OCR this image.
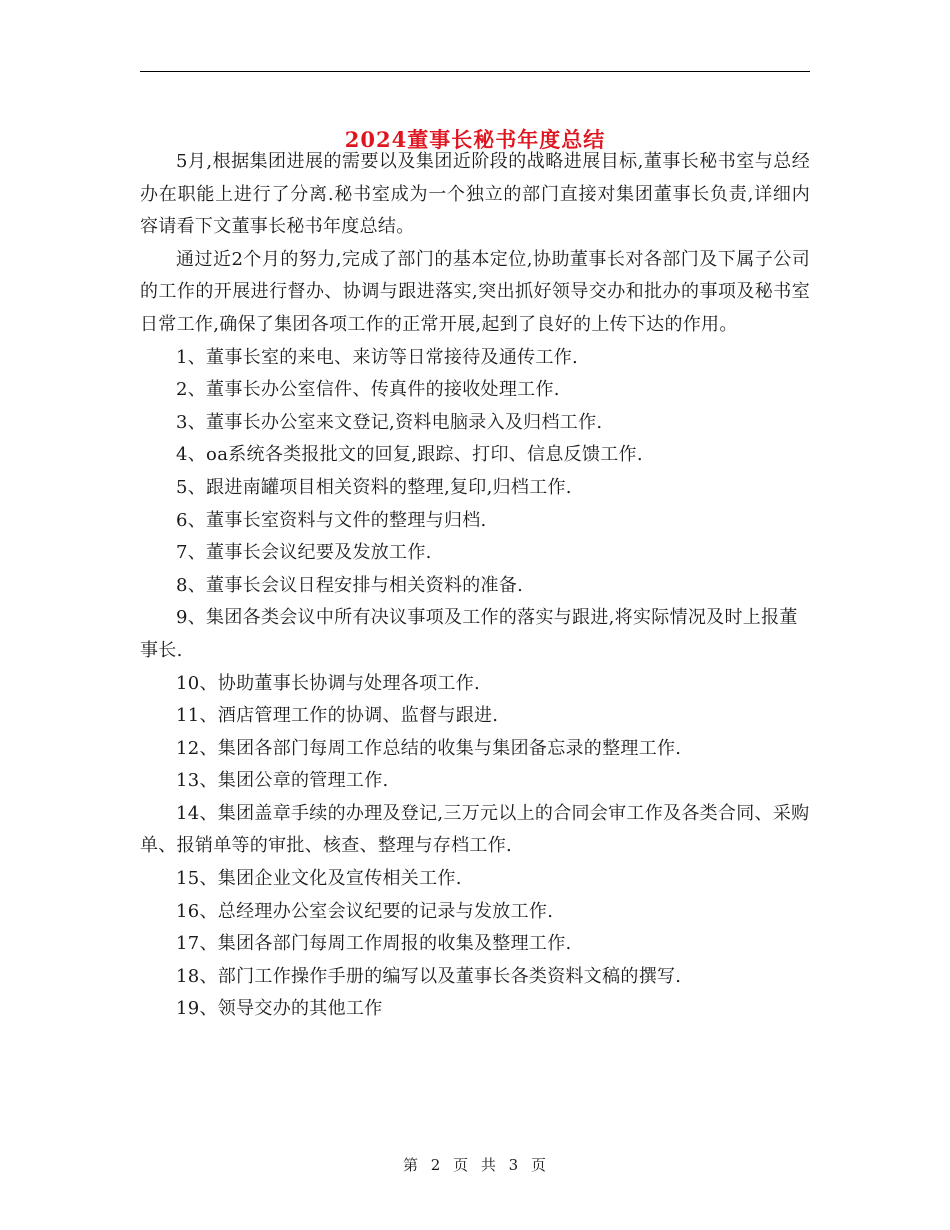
2024董事长秘书年度总结

5月,根据集团进展的需要以及集团近阶段的战略进展目标,董事长秘书室与总经办在职能上进行了分离.秘书室成为一个独立的部门直接对集团董事长负责,详细内容请看下文董事长秘书年度总结。

通过近2个月的努力,完成了部门的基本定位,协助董事长对各部门及下属子公司的工作的开展进行督办、协调与跟进落实,突出抓好领导交办和批办的事项及秘书室日常工作,确保了集团各项工作的正常开展,起到了良好的上传下达的作用。

1、董事长室的来电、来访等日常接待及通传工作.
2、董事长办公室信件、传真件的接收处理工作.
3、董事长办公室来文登记,资料电脑录入及归档工作.
4、oa系统各类报批文的回复,跟踪、打印、信息反馈工作.
5、跟进南罐项目相关资料的整理,复印,归档工作.
6、董事长室资料与文件的整理与归档.
7、董事长会议纪要及发放工作.
8、董事长会议日程安排与相关资料的准备.
9、集团各类会议中所有决议事项及工作的落实与跟进,将实际情况及时上报董事长.
10、协助董事长协调与处理各项工作.
11、酒店管理工作的协调、监督与跟进.
12、集团各部门每周工作总结的收集与集团备忘录的整理工作.
13、集团公章的管理工作.
14、集团盖章手续的办理及登记,三万元以上的合同会审工作及各类合同、采购单、报销单等的审批、核查、整理与存档工作.
15、集团企业文化及宣传相关工作.
16、总经理办公室会议纪要的记录与发放工作.
17、集团各部门每周工作周报的收集及整理工作.
18、部门工作操作手册的编写以及董事长各类资料文稿的撰写.
19、领导交办的其他工作
第 2 页 共 3 页
